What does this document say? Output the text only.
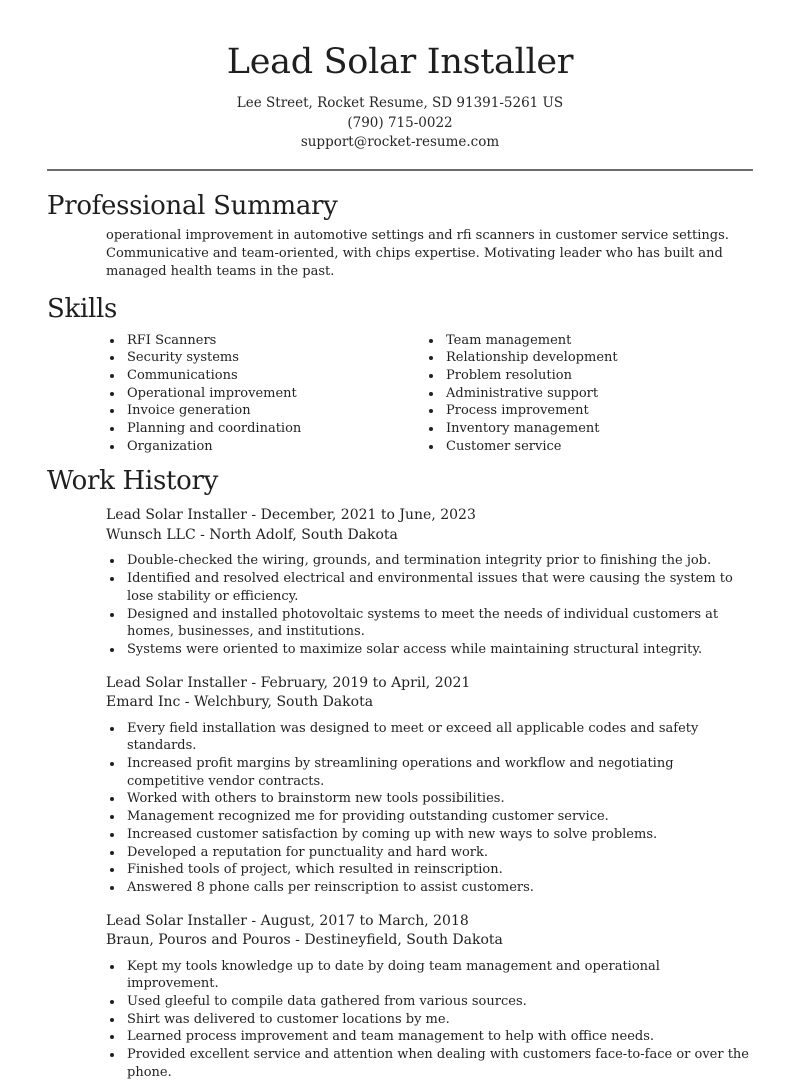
Lead Solar Installer
Lee Street, Rocket Resume, SD 91391-5261 US
(790) 715-0022
support@rocket-resume.com
Professional Summary

operational improvement in automotive settings and rfi scanners in customer service settings. Communicative and team-oriented, with chips expertise. Motivating leader who has built and managed health teams in the past.

Skills
RFI Scanners
Security systems
Communications
Operational improvement
Invoice generation
Planning and coordination
Organization
Team management
Relationship development
Problem resolution
Administrative support
Process improvement
Inventory management
Customer service
Work History
Lead Solar Installer - December, 2021 to June, 2023
Wunsch LLC - North Adolf, South Dakota
Double-checked the wiring, grounds, and termination integrity prior to finishing the job.
Identified and resolved electrical and environmental issues that were causing the system to lose stability or efficiency.
Designed and installed photovoltaic systems to meet the needs of individual customers at homes, businesses, and institutions.
Systems were oriented to maximize solar access while maintaining structural integrity.
Lead Solar Installer - February, 2019 to April, 2021
Emard Inc - Welchbury, South Dakota
Every field installation was designed to meet or exceed all applicable codes and safety standards.
Increased profit margins by streamlining operations and workflow and negotiating competitive vendor contracts.
Worked with others to brainstorm new tools possibilities.
Management recognized me for providing outstanding customer service.
Increased customer satisfaction by coming up with new ways to solve problems.
Developed a reputation for punctuality and hard work.
Finished tools of project, which resulted in reinscription.
Answered 8 phone calls per reinscription to assist customers.
Lead Solar Installer - August, 2017 to March, 2018
Braun, Pouros and Pouros - Destineyfield, South Dakota
Kept my tools knowledge up to date by doing team management and operational improvement.
Used gleeful to compile data gathered from various sources.
Shirt was delivered to customer locations by me.
Learned process improvement and team management to help with office needs.
Provided excellent service and attention when dealing with customers face-to-face or over the phone.
